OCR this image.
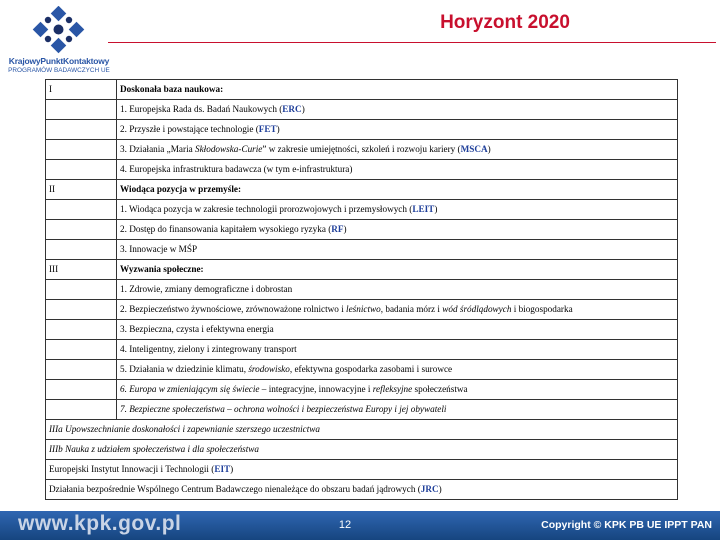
KrajowyPunktKontaktowy
PROGRAMÓW BADAWCZYCH UE
Horyzont 2020
I	Doskonała baza naukowa:
	1. Europejska Rada ds. Badań Naukowych (ERC)
	2. Przyszłe i powstające technologie (FET)
	3. Działania „Maria Skłodowska-Curie” w zakresie umiejętności, szkoleń i rozwoju kariery (MSCA)
	4. Europejska infrastruktura badawcza (w tym e-infrastruktura)
II	Wiodąca pozycja w przemyśle:
	1. Wiodąca pozycja w zakresie technologii prorozwojowych i przemysłowych (LEIT)
	2. Dostęp do finansowania kapitałem wysokiego ryzyka (RF)
	3. Innowacje w MŚP
III	Wyzwania społeczne:
	1. Zdrowie, zmiany demograficzne i dobrostan
	2. Bezpieczeństwo żywnościowe, zrównoważone rolnictwo i leśnictwo, badania mórz i wód śródlądowych i biogospodarka
	3. Bezpieczna, czysta i efektywna energia
	4. Inteligentny, zielony i zintegrowany transport
	5. Działania w dziedzinie klimatu, środowisko, efektywna gospodarka zasobami i surowce
	6. Europa w zmieniającym się świecie – integracyjne, innowacyjne i refleksyjne społeczeństwa
	7. Bezpieczne społeczeństwa – ochrona wolności i bezpieczeństwa Europy i jej obywateli
IIIa Upowszechnianie doskonałości i zapewnianie szerszego uczestnictwa	
IIIb Nauka z udziałem społeczeństwa i dla społeczeństwa	
Europejski Instytut Innowacji i Technologii (EIT)	
Działania bezpośrednie Wspólnego Centrum Badawczego nienależące do obszaru badań jądrowych (JRC)	
www.kpk.gov.pl	12	Copyright © KPK PB UE IPPT PAN
